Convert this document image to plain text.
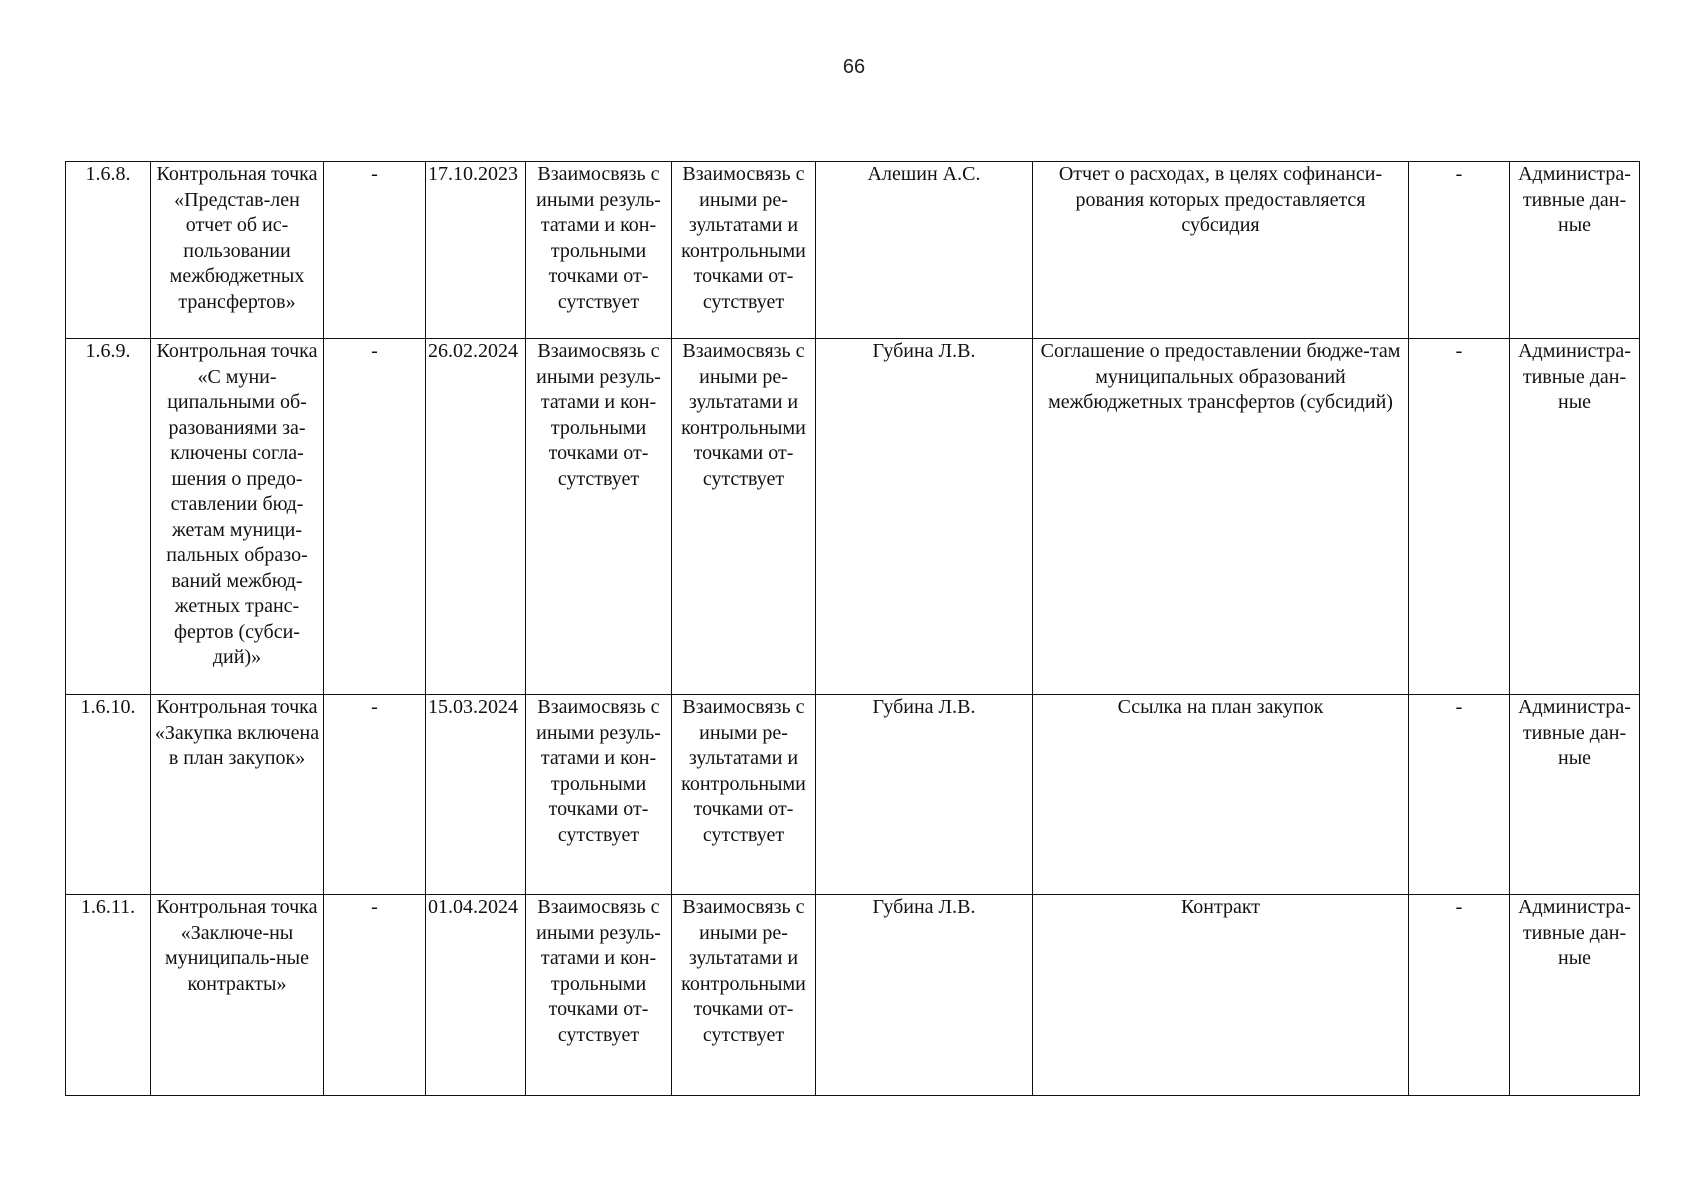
66
1.6.8.	Контрольная точка «Представ-лен отчет об ис-пользовании межбюджетных трансфертов»	-	17.10.2023	Взаимосвязь с иными резуль-татами и кон-трольными точками от-сутствует	Взаимосвязь с иными ре-зультатами и контрольными точками от-сутствует	Алешин А.С.	Отчет о расходах, в целях софинанси-рования которых предоставляется субсидия	-	Администра-тивные дан-ные
1.6.9.	Контрольная точка «С муни-ципальными об-разованиями за-ключены согла-шения о предо-ставлении бюд-жетам муници-пальных образо-ваний межбюд-жетных транс-фертов (субси-дий)»	-	26.02.2024	Взаимосвязь с иными резуль-татами и кон-трольными точками от-сутствует	Взаимосвязь с иными ре-зультатами и контрольными точками от-сутствует	Губина Л.В.	Соглашение о предоставлении бюдже-там муниципальных образований межбюджетных трансфертов (субсидий)	-	Администра-тивные дан-ные
1.6.10.	Контрольная точка «Закупка включена в план закупок»	-	15.03.2024	Взаимосвязь с иными резуль-татами и кон-трольными точками от-сутствует	Взаимосвязь с иными ре-зультатами и контрольными точками от-сутствует	Губина Л.В.	Ссылка на план закупок	-	Администра-тивные дан-ные
1.6.11.	Контрольная точка «Заключе-ны муниципаль-ные контракты»	-	01.04.2024	Взаимосвязь с иными резуль-татами и кон-трольными точками от-сутствует	Взаимосвязь с иными ре-зультатами и контрольными точками от-сутствует	Губина Л.В.	Контракт	-	Администра-тивные дан-ные
